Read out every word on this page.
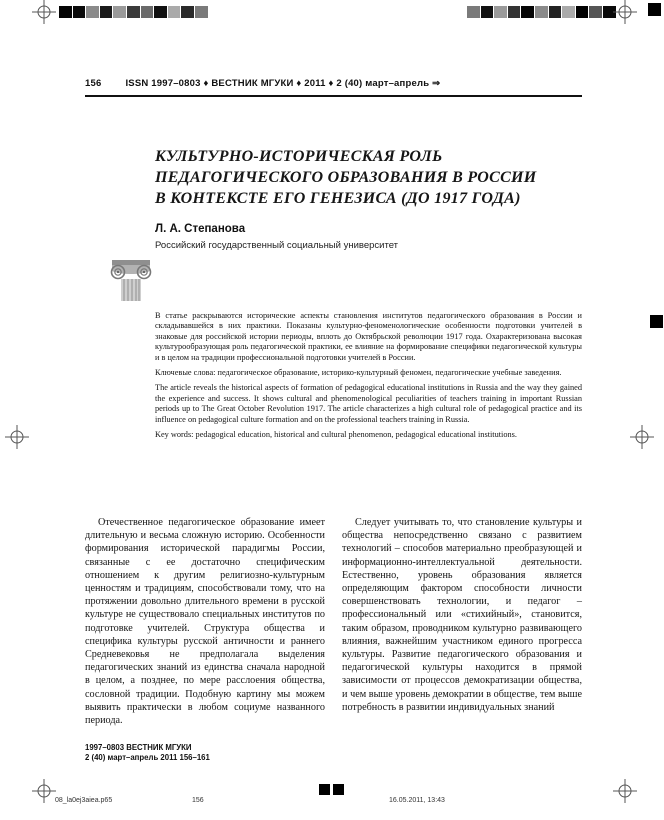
156	ISSN 1997–0803 ♦ ВЕСТНИК МГУКИ ♦ 2011 ♦ 2 (40) март–апрель ⇒
КУЛЬТУРНО-ИСТОРИЧЕСКАЯ РОЛЬ
ПЕДАГОГИЧЕСКОГО ОБРАЗОВАНИЯ В РОССИИ
В КОНТЕКСТЕ ЕГО ГЕНЕЗИСА (ДО 1917 ГОДА)
Л. А. Степанова
Российский государственный социальный университет

В статье раскрываются исторические аспекты становления институтов педагогического образования в России и складывавшейся в них практики. Показаны культурно-феноменологические особенности подготовки учителей в знаковые для российской истории периоды, вплоть до Октябрьской революции 1917 года. Охарактеризована высокая культурообразующая роль педагогической практики, ее влияние на формирование специфики педагогической культуры и в целом на традиции профессиональной подготовки учителей в России.

Ключевые слова: педагогическое образование, историко-культурный феномен, педагогические учебные заведения.

The article reveals the historical aspects of formation of pedagogical educational institutions in Russia and the way they gained the experience and success. It shows cultural and phenomenological peculiarities of teachers training in important Russian periods up to The Great October Revolution 1917. The article characterizes a high cultural role of pedagogical practice and its influence on pedagogical culture formation and on the professional teachers training in Russia.

Key words: pedagogical education, historical and cultural phenomenon, pedagogical educational institutions.

Отечественное педагогическое образование имеет длительную и весьма сложную историю. Особенности формирования исторической парадигмы России, связанные с ее достаточно специфическим отношением к другим религиозно-культурным ценностям и традициям, способствовали тому, что на протяжении довольно длительного времени в русской культуре не существовало специальных институтов по подготовке учителей. Структура общества и специфика культуры русской античности и раннего Средневековья не предполагала выделения педагогических знаний из единства сначала народной в целом, а позднее, по мере расслоения общества, сословной традиции. Подобную картину мы можем выявить практически в любом социуме названного периода.

Следует учитывать то, что становление культуры и общества непосредственно связано с развитием технологий – способов материально преобразующей и информационно-интеллектуальной деятельности. Естественно, уровень образования является определяющим фактором способности личности совершенствовать технологии, и педагог – профессиональный или «стихийный», становится, таким образом, проводником культурно развивающего влияния, важнейшим участником единого прогресса культуры. Развитие педагогического образования и педагогической культуры находится в прямой зависимости от процессов демократизации общества, и чем выше уровень демократии в обществе, тем выше потребность в развитии индивидуальных знаний

1997–0803 ВЕСТНИК МГУКИ
2 (40) март–апрель 2011 156–161
08_la0ej3aiea.p65	156	16.05.2011, 13:43
